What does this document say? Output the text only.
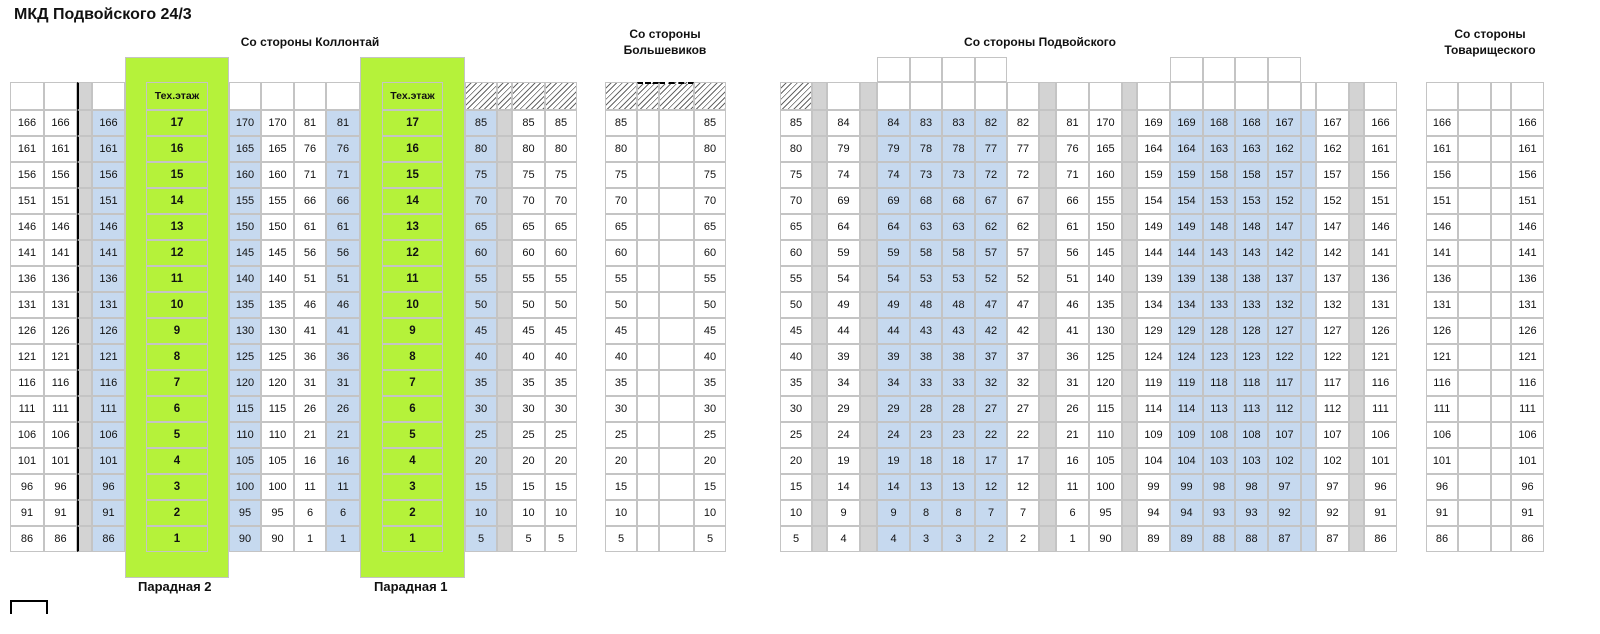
МКД Подвойского 24/3
Со стороны Коллонтай
Со стороны
Большевиков
Со стороны Подвойского
Со стороны
Товарищеского
Парадная 2	Парадная 1
Тех.этаж	Тех.этаж
166	166	166	17	170	170	81	81	17	85	85	85
161	161	161	16	165	165	76	76	16	80	80	80
156	156	156	15	160	160	71	71	15	75	75	75
151	151	151	14	155	155	66	66	14	70	70	70
146	146	146	13	150	150	61	61	13	65	65	65
141	141	141	12	145	145	56	56	12	60	60	60
136	136	136	11	140	140	51	51	11	55	55	55
131	131	131	10	135	135	46	46	10	50	50	50
126	126	126	9	130	130	41	41	9	45	45	45
121	121	121	8	125	125	36	36	8	40	40	40
116	116	116	7	120	120	31	31	7	35	35	35
111	111	111	6	115	115	26	26	6	30	30	30
106	106	106	5	110	110	21	21	5	25	25	25
101	101	101	4	105	105	16	16	4	20	20	20
96	96	96	3	100	100	11	11	3	15	15	15
91	91	91	2	95	95	6	6	2	10	10	10
86	86	86	1	90	90	1	1	1	5	5	5
85	85
80	80
75	75
70	70
65	65
60	60
55	55
50	50
45	45
40	40
35	35
30	30
25	25
20	20
15	15
10	10
5	5
85	84	84	83	83	82	82	81	170	169	169	168	168	167	167	166
80	79	79	78	78	77	77	76	165	164	164	163	163	162	162	161
75	74	74	73	73	72	72	71	160	159	159	158	158	157	157	156
70	69	69	68	68	67	67	66	155	154	154	153	153	152	152	151
65	64	64	63	63	62	62	61	150	149	149	148	148	147	147	146
60	59	59	58	58	57	57	56	145	144	144	143	143	142	142	141
55	54	54	53	53	52	52	51	140	139	139	138	138	137	137	136
50	49	49	48	48	47	47	46	135	134	134	133	133	132	132	131
45	44	44	43	43	42	42	41	130	129	129	128	128	127	127	126
40	39	39	38	38	37	37	36	125	124	124	123	123	122	122	121
35	34	34	33	33	32	32	31	120	119	119	118	118	117	117	116
30	29	29	28	28	27	27	26	115	114	114	113	113	112	112	111
25	24	24	23	23	22	22	21	110	109	109	108	108	107	107	106
20	19	19	18	18	17	17	16	105	104	104	103	103	102	102	101
15	14	14	13	13	12	12	11	100	99	99	98	98	97	97	96
10	9	9	8	8	7	7	6	95	94	94	93	93	92	92	91
5	4	4	3	3	2	2	1	90	89	89	88	88	87	87	86
166	166
161	161
156	156
151	151
146	146
141	141
136	136
131	131
126	126
121	121
116	116
111	111
106	106
101	101
96	96
91	91
86	86
